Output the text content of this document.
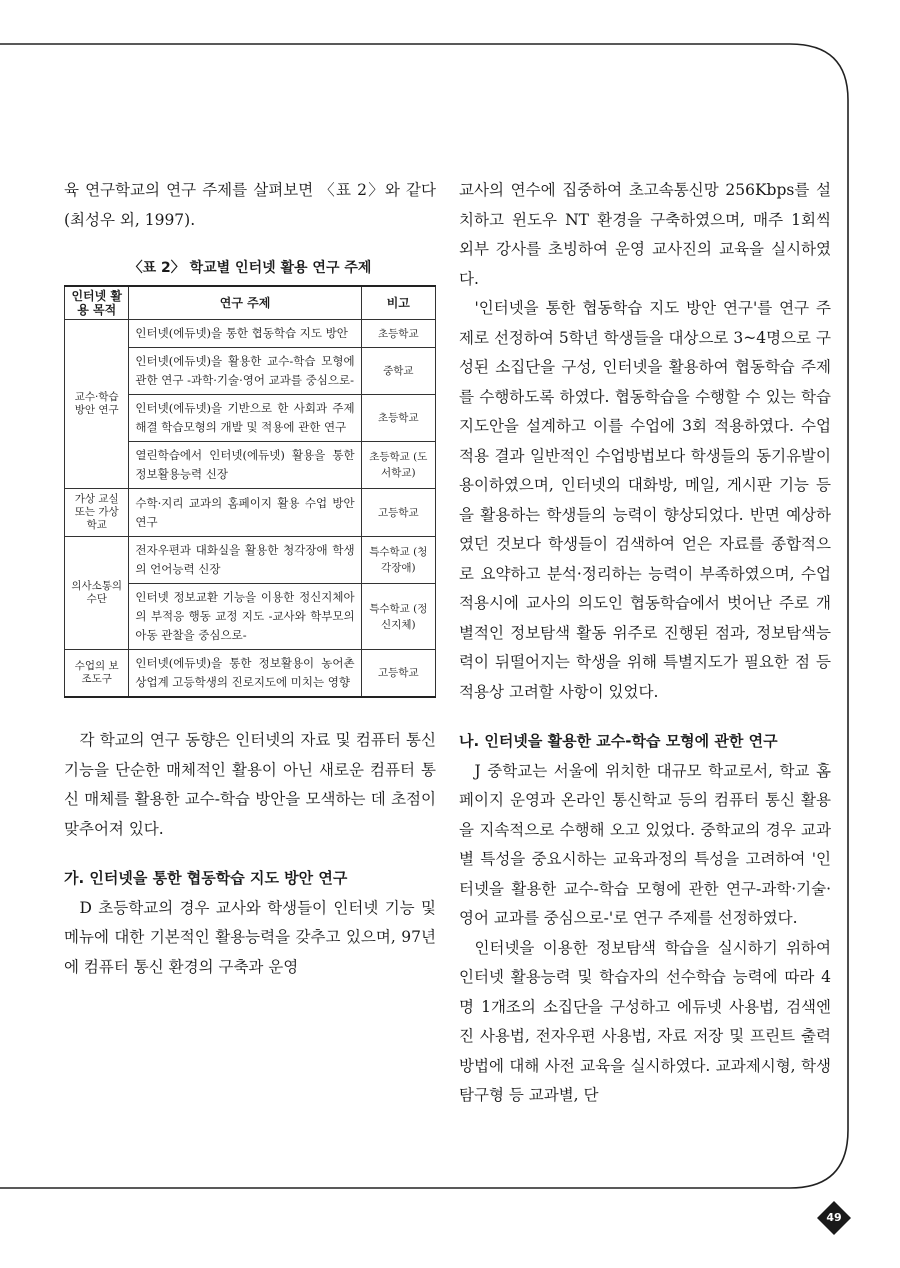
육 연구학교의 연구 주제를 살펴보면 〈표 2〉와 같다(최성우 외, 1997).

〈표 2〉 학교별 인터넷 활용 연구 주제
인터넷 활용 목적	연구 주제	비고
교수·학습 방안 연구	인터넷(에듀넷)을 통한 협동학습 지도 방안	초등학교
	인터넷(에듀넷)을 활용한 교수-학습 모형에 관한 연구 -과학·기술·영어 교과를 중심으로-	중학교
	인터넷(에듀넷)을 기반으로 한 사회과 주제해결 학습모형의 개발 및 적용에 관한 연구	초등학교
	열린학습에서 인터넷(에듀넷) 활용을 통한 정보활용능력 신장	초등학교 (도서학교)
가상 교실 또는 가상 학교	수학·지리 교과의 홈페이지 활용 수업 방안 연구	고등학교
의사소통의 수단	전자우편과 대화실을 활용한 청각장애 학생의 언어능력 신장	특수학교 (청각장애)
	인터넷 정보교환 기능을 이용한 정신지체아의 부적응 행동 교정 지도 -교사와 학부모의 아동 관찰을 중심으로-	특수학교 (정신지체)
수업의 보조도구	인터넷(에듀넷)을 통한 정보활용이 농어촌 상업계 고등학생의 진로지도에 미치는 영향	고등학교

각 학교의 연구 동향은 인터넷의 자료 및 컴퓨터 통신 기능을 단순한 매체적인 활용이 아닌 새로운 컴퓨터 통신 매체를 활용한 교수-학습 방안을 모색하는 데 초점이 맞추어져 있다.

가. 인터넷을 통한 협동학습 지도 방안 연구

D 초등학교의 경우 교사와 학생들이 인터넷 기능 및 메뉴에 대한 기본적인 활용능력을 갖추고 있으며, 97년에 컴퓨터 통신 환경의 구축과 운영

교사의 연수에 집중하여 초고속통신망 256Kbps를 설치하고 윈도우 NT 환경을 구축하였으며, 매주 1회씩 외부 강사를 초빙하여 운영 교사진의 교육을 실시하였다.

'인터넷을 통한 협동학습 지도 방안 연구'를 연구 주제로 선정하여 5학년 학생들을 대상으로 3~4명으로 구성된 소집단을 구성, 인터넷을 활용하여 협동학습 주제를 수행하도록 하였다. 협동학습을 수행할 수 있는 학습 지도안을 설계하고 이를 수업에 3회 적용하였다. 수업 적용 결과 일반적인 수업방법보다 학생들의 동기유발이 용이하였으며, 인터넷의 대화방, 메일, 게시판 기능 등을 활용하는 학생들의 능력이 향상되었다. 반면 예상하였던 것보다 학생들이 검색하여 얻은 자료를 종합적으로 요약하고 분석·정리하는 능력이 부족하였으며, 수업 적용시에 교사의 의도인 협동학습에서 벗어난 주로 개별적인 정보탐색 활동 위주로 진행된 점과, 정보탐색능력이 뒤떨어지는 학생을 위해 특별지도가 필요한 점 등 적용상 고려할 사항이 있었다.

나. 인터넷을 활용한 교수-학습 모형에 관한 연구

J 중학교는 서울에 위치한 대규모 학교로서, 학교 홈페이지 운영과 온라인 통신학교 등의 컴퓨터 통신 활용을 지속적으로 수행해 오고 있었다. 중학교의 경우 교과별 특성을 중요시하는 교육과정의 특성을 고려하여 '인터넷을 활용한 교수-학습 모형에 관한 연구-과학·기술·영어 교과를 중심으로-'로 연구 주제를 선정하였다.

인터넷을 이용한 정보탐색 학습을 실시하기 위하여 인터넷 활용능력 및 학습자의 선수학습 능력에 따라 4명 1개조의 소집단을 구성하고 에듀넷 사용법, 검색엔진 사용법, 전자우편 사용법, 자료 저장 및 프린트 출력 방법에 대해 사전 교육을 실시하였다. 교과제시형, 학생탐구형 등 교과별, 단

49
